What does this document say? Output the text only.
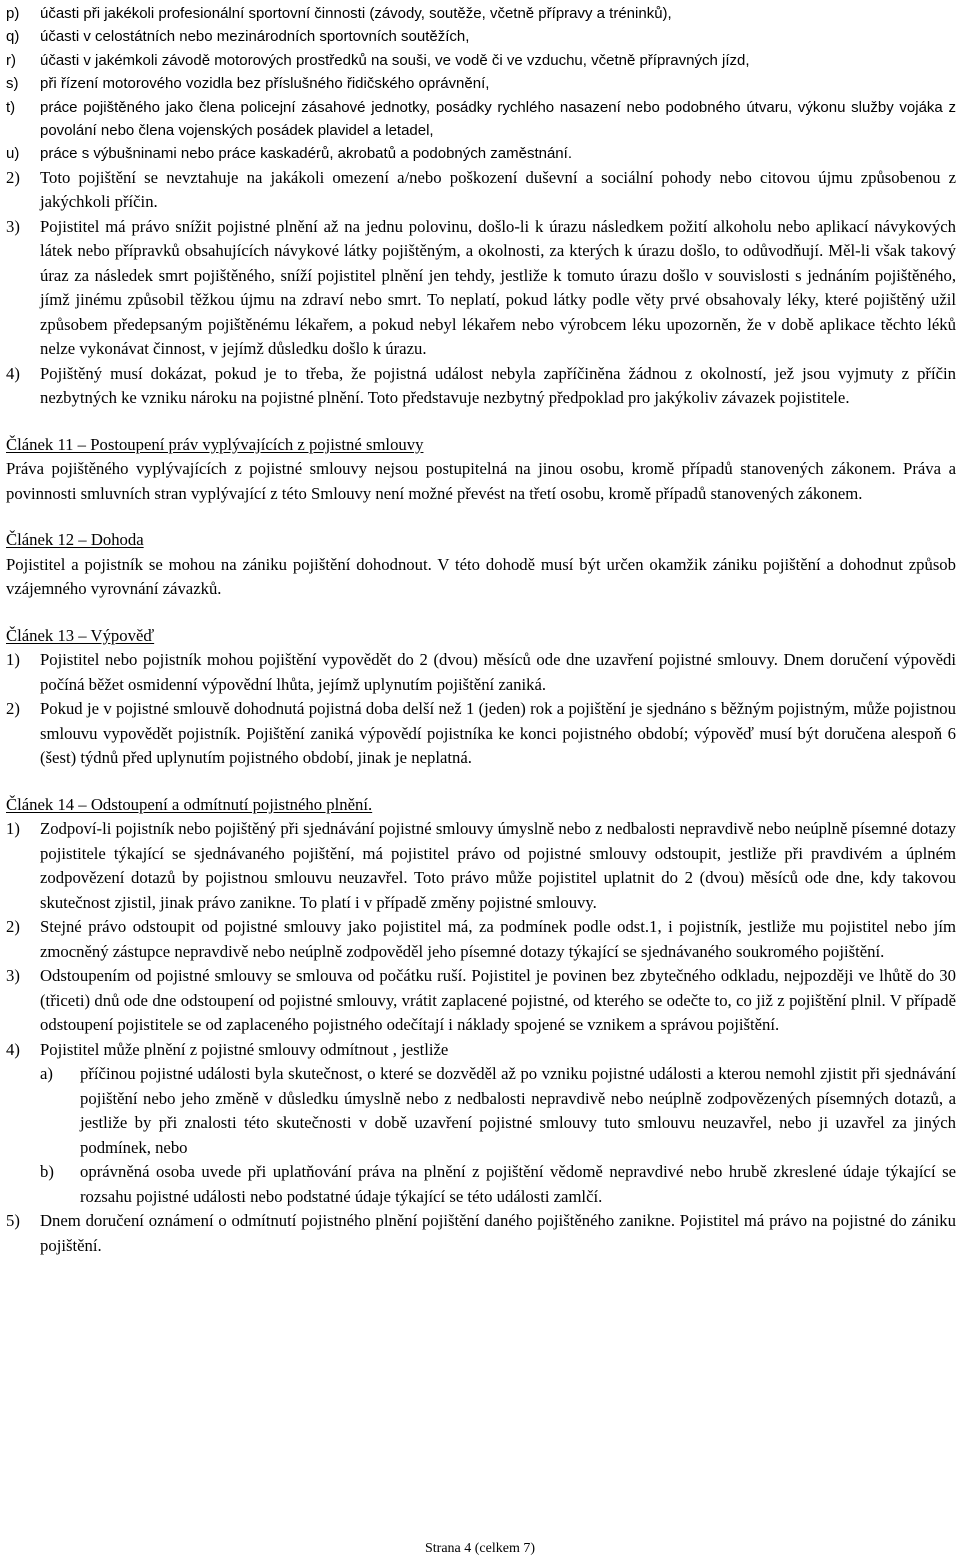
p)	účasti při jakékoli profesionální sportovní činnosti (závody, soutěže, včetně přípravy a tréninků),
q)	účasti v celostátních nebo mezinárodních sportovních soutěžích,
r)	účasti v jakémkoli závodě motorových prostředků na souši, ve vodě či ve vzduchu, včetně přípravných jízd,
s)	při řízení motorového vozidla bez příslušného řidičského oprávnění,
t)	práce pojištěného jako člena policejní zásahové jednotky, posádky rychlého nasazení nebo podobného útvaru, výkonu služby vojáka z povolání nebo člena vojenských posádek plavidel a letadel,
u)	práce s výbušninami nebo práce kaskadérů, akrobatů a podobných zaměstnání.
2)	Toto pojištění se nevztahuje na jakákoli omezení a/nebo poškození duševní a sociální pohody nebo citovou újmu způsobenou z jakýchkoli příčin.
3)	Pojistitel má právo snížit pojistné plnění až na jednu polovinu, došlo-li k úrazu následkem požití alkoholu nebo aplikací návykových látek nebo přípravků obsahujících návykové látky pojištěným, a okolnosti, za kterých k úrazu došlo, to odůvodňují. Měl-li však takový úraz za následek smrt pojištěného, sníží pojistitel plnění jen tehdy, jestliže k tomuto úrazu došlo v souvislosti s jednáním pojištěného, jímž jinému způsobil těžkou újmu na zdraví nebo smrt. To neplatí, pokud látky podle věty prvé obsahovaly léky, které pojištěný užil způsobem předepsaným pojištěnému lékařem, a pokud nebyl lékařem nebo výrobcem léku upozorněn, že v době aplikace těchto léků nelze vykonávat činnost, v jejímž důsledku došlo k úrazu.
4)	Pojištěný musí dokázat, pokud je to třeba, že pojistná událost nebyla zapříčiněna žádnou z okolností, jež jsou vyjmuty z příčin nezbytných ke vzniku nároku na pojistné plnění. Toto představuje nezbytný předpoklad pro jakýkoliv závazek pojistitele.
Článek 11 – Postoupení práv vyplývajících z pojistné smlouvy
Práva pojištěného vyplývajících z pojistné smlouvy nejsou postupitelná na jinou osobu, kromě případů stanovených zákonem. Práva a povinnosti smluvních stran vyplývající z této Smlouvy není možné převést na třetí osobu, kromě případů stanovených zákonem.
Článek 12 – Dohoda
Pojistitel a pojistník se mohou na zániku pojištění dohodnout. V této dohodě musí být určen okamžik zániku pojištění a dohodnut způsob vzájemného vyrovnání závazků.
Článek 13 – Výpověď
1)	Pojistitel nebo pojistník mohou pojištění vypovědět do 2 (dvou) měsíců ode dne uzavření pojistné smlouvy. Dnem doručení výpovědi počíná běžet osmidenní výpovědní lhůta, jejímž uplynutím pojištění zaniká.
2)	Pokud je v pojistné smlouvě dohodnutá pojistná doba delší než 1 (jeden) rok a pojištění je sjednáno s běžným pojistným, může pojistnou smlouvu vypovědět pojistník. Pojištění zaniká výpovědí pojistníka ke konci pojistného období; výpověď musí být doručena alespoň 6 (šest) týdnů před uplynutím pojistného období, jinak je neplatná.
Článek 14 – Odstoupení a odmítnutí pojistného plnění.
1)	Zodpoví-li pojistník nebo pojištěný při sjednávání pojistné smlouvy úmyslně nebo z nedbalosti nepravdivě nebo neúplně písemné dotazy pojistitele týkající se sjednávaného pojištění, má pojistitel právo od pojistné smlouvy odstoupit, jestliže při pravdivém a úplném zodpovězení dotazů by pojistnou smlouvu neuzavřel. Toto právo může pojistitel uplatnit do 2 (dvou) měsíců ode dne, kdy takovou skutečnost zjistil, jinak právo zanikne. To platí i v případě změny pojistné smlouvy.
2)	Stejné právo odstoupit od pojistné smlouvy jako pojistitel má, za podmínek podle odst.1, i pojistník, jestliže mu pojistitel nebo jím zmocněný zástupce nepravdivě nebo neúplně zodpověděl jeho písemné dotazy týkající se sjednávaného soukromého pojištění.
3)	Odstoupením od pojistné smlouvy se smlouva od počátku ruší. Pojistitel je povinen bez zbytečného odkladu, nejpozději ve lhůtě do 30 (třiceti) dnů ode dne odstoupení od pojistné smlouvy, vrátit zaplacené pojistné, od kterého se odečte to, co již z pojištění plnil. V případě odstoupení pojistitele se od zaplaceného pojistného odečítají i náklady spojené se vznikem a správou pojištění.
4)	Pojistitel může plnění z pojistné smlouvy odmítnout , jestliže
a)	příčinou pojistné události byla skutečnost, o které se dozvěděl až po vzniku pojistné události a kterou nemohl zjistit při sjednávání pojištění nebo jeho změně v důsledku úmyslně nebo z nedbalosti nepravdivě nebo neúplně zodpovězených písemných dotazů, a jestliže by při znalosti této skutečnosti v době uzavření pojistné smlouvy tuto smlouvu neuzavřel, nebo ji uzavřel za jiných podmínek, nebo
b)	oprávněná osoba uvede při uplatňování práva na plnění z pojištění vědomě nepravdivé nebo hrubě zkreslené údaje týkající se rozsahu pojistné události nebo podstatné údaje týkající se této události zamlčí.
5)	Dnem doručení oznámení o odmítnutí pojistného plnění pojištění daného pojištěného zanikne. Pojistitel má právo na pojistné do zániku pojištění.
Strana 4 (celkem 7)
